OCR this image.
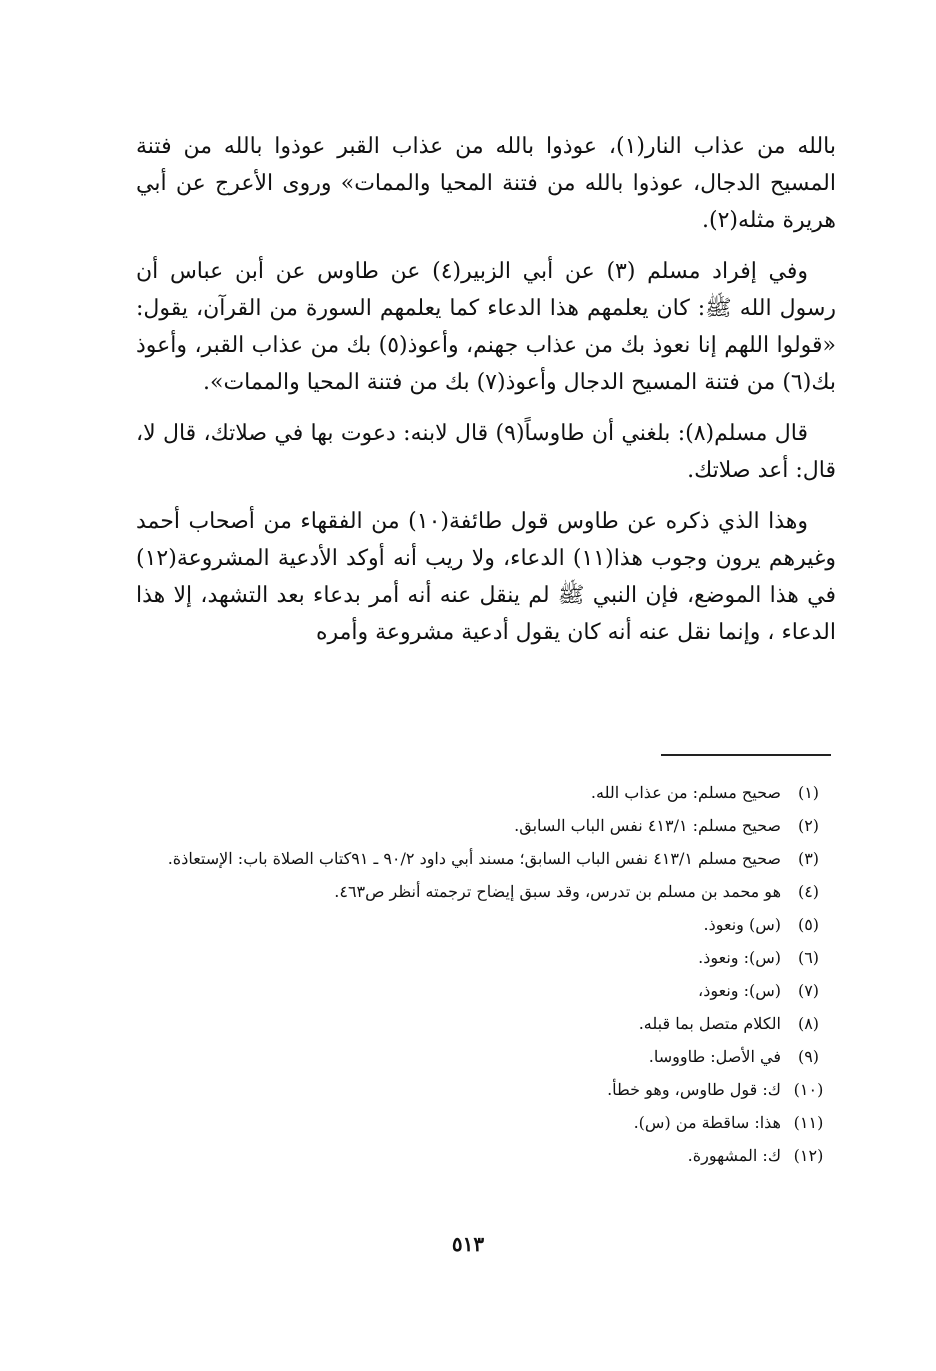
بالله من عذاب النار(١)، عوذوا بالله من عذاب القبر عوذوا بالله من فتنة المسيح الدجال، عوذوا بالله من فتنة المحيا والممات» وروى الأعرج عن أبي هريرة مثله(٢).

وفي إفراد مسلم (٣) عن أبي الزبير(٤) عن طاوس عن أبن عباس أن رسول الله ﷺ: كان يعلمهم هذا الدعاء كما يعلمهم السورة من القرآن، يقول: «قولوا اللهم إنا نعوذ بك من عذاب جهنم، وأعوذ(٥) بك من عذاب القبر، وأعوذ بك(٦) من فتنة المسيح الدجال وأعوذ(٧) بك من فتنة المحيا والممات».

قال مسلم(٨): بلغني أن طاوساً(٩) قال لابنه: دعوت بها في صلاتك، قال لا، قال: أعد صلاتك.

وهذا الذي ذكره عن طاوس قول طائفة(١٠) من الفقهاء من أصحاب أحمد وغيرهم يرون وجوب هذا(١١) الدعاء، ولا ريب أنه أوكد الأدعية المشروعة(١٢) في هذا الموضع، فإن النبي ﷺ لم ينقل عنه أنه أمر بدعاء بعد التشهد، إلا هذا الدعاء ، وإنما نقل عنه أنه كان يقول أدعية مشروعة وأمره

(١)
صحيح مسلم: من عذاب الله.
(٢)
صحيح مسلم: ٤١٣/١ نفس الباب السابق.
(٣)
صحيح مسلم ٤١٣/١ نفس الباب السابق؛ مسند أبي داود ٩٠/٢ ـ ٩١كتاب الصلاة باب: الإستعاذة.
(٤)
هو محمد بن مسلم بن تدرس، وقد سبق إيضاح ترجمته أنظر ص٤٦٣.
(٥)
(س) ونعوذ.
(٦)
(س): ونعوذ.
(٧)
(س): ونعوذ،
(٨)
الكلام متصل بما قبله.
(٩)
في الأصل: طاووسا.
(١٠)
ك: قول طاوس، وهو خطأ.
(١١)
هذا: ساقطة من (س).
(١٢)
ك: المشهورة.
٥١٣
